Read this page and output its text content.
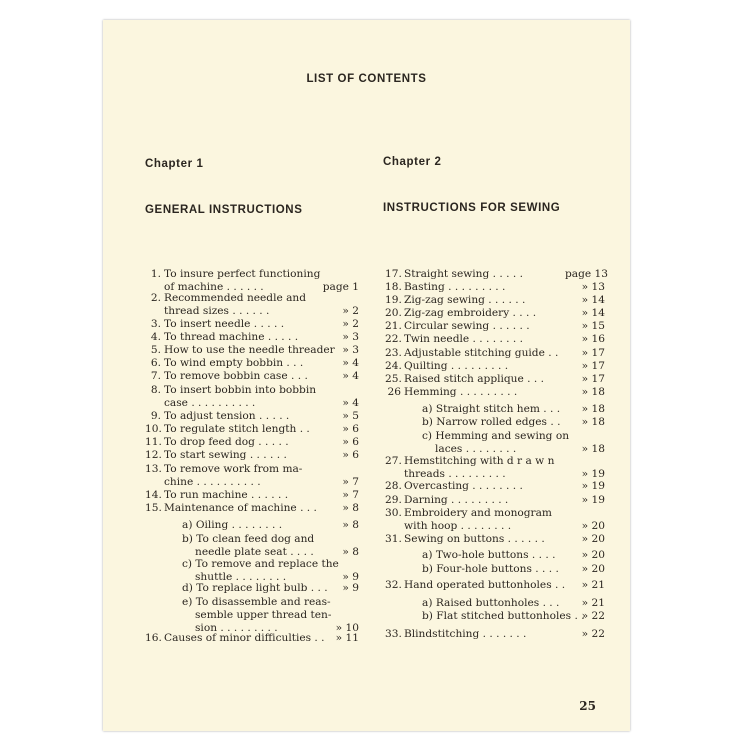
LIST OF CONTENTS
Chapter 1	Chapter 2
GENERAL INSTRUCTIONS	INSTRUCTIONS FOR SEWING
1. To insure perfect functioning
of machine . . . . . .	page 1
2. Recommended needle and
thread sizes . . . . . .	» 2
3. To insert needle . . . . .	» 2
4. To thread machine . . . . .	» 3
5. How to use the needle threader » 3
6. To wind empty bobbin . . .	» 4
7. To remove bobbin case . . .	» 4
8. To insert bobbin into bobbin
case . . . . . . . . . .	» 4
9. To adjust tension . . . . .	» 5
10. To regulate stitch length . .	» 6
11. To drop feed dog . . . . .	» 6
12. To start sewing . . . . . .	» 6
13. To remove work from ma-
chine . . . . . . . . . .	» 7
14. To run machine . . . . . .	» 7
15. Maintenance of machine . . .	» 8
a) Oiling . . . . . . . .	» 8
b) To clean feed dog and
needle plate seat . . . .	» 8
c) To remove and replace the
shuttle . . . . . . . .	» 9
d) To replace light bulb . . .	» 9
e) To disassemble and reas-
semble upper thread ten-
sion . . . . . . . . .	» 10
16. Causes of minor difficulties . .	» 11
17. Straight sewing . . . . .	page 13
18. Basting . . . . . . . . .	» 13
19. Zig-zag sewing . . . . . .	» 14
20. Zig-zag embroidery . . . .	» 14
21. Circular sewing . . . . . .	» 15
22. Twin needle . . . . . . . .	» 16
23. Adjustable stitching guide . .	» 17
24. Quilting . . . . . . . . .	» 17
25. Raised stitch applique . . .	» 17
26 Hemming . . . . . . . . .	» 18
a) Straight stitch hem . . .	» 18
b) Narrow rolled edges . .	» 18
c) Hemming and sewing on
laces . . . . . . . .	» 18
27. Hemstitching with d r a w n
threads . . . . . . . . .	» 19
28. Overcasting . . . . . . . .	» 19
29. Darning . . . . . . . . .	» 19
30. Embroidery and monogram
with hoop . . . . . . . .	» 20
31. Sewing on buttons . . . . . .	» 20
a) Two-hole buttons . . . .	» 20
b) Four-hole buttons . . . .	» 20
32. Hand operated buttonholes . .	» 21
a) Raised buttonholes . . .	» 21
b) Flat stitched buttonholes . .
» 22
33. Blindstitching . . . . . . .	» 22
25
